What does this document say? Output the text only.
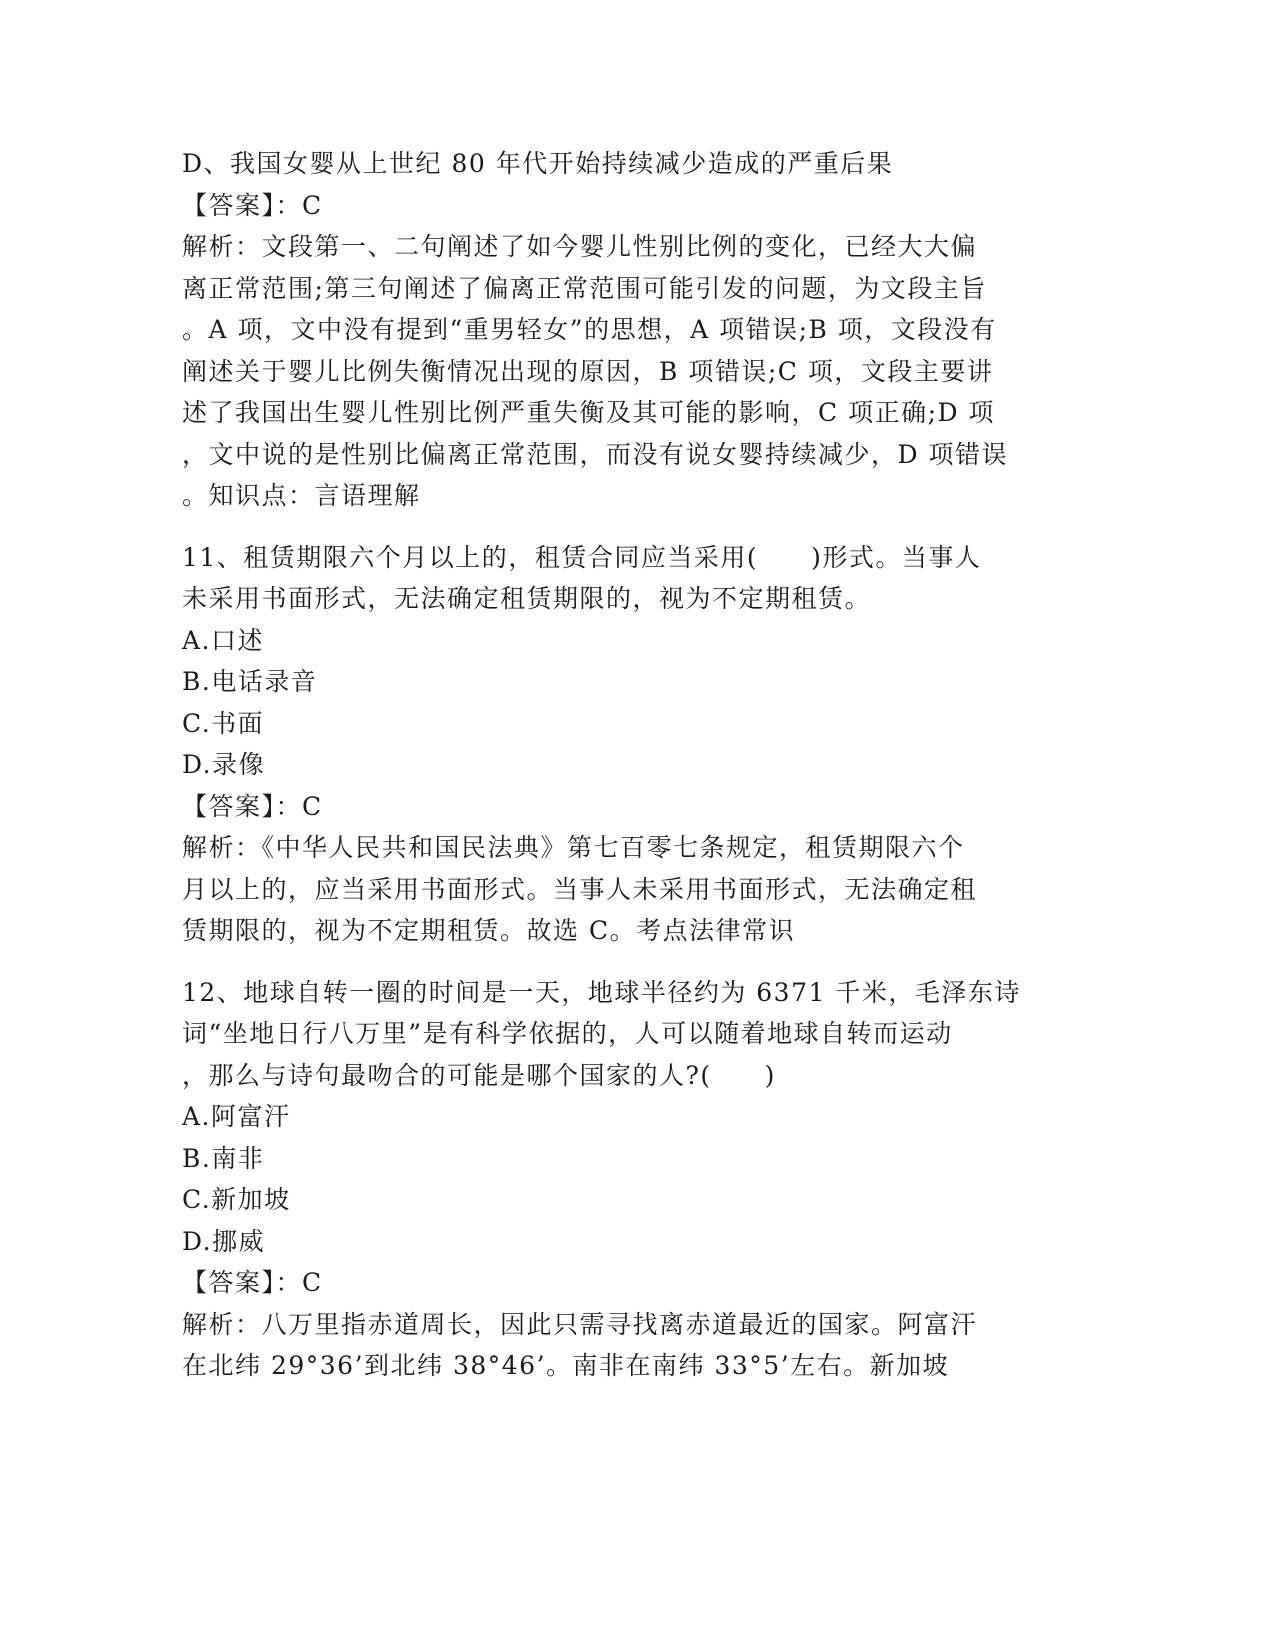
D、我国女婴从上世纪 80 年代开始持续减少造成的严重后果
【答案】：C
解析：文段第一、二句阐述了如今婴儿性别比例的变化，已经大大偏
离正常范围;第三句阐述了偏离正常范围可能引发的问题，为文段主旨
。A 项，文中没有提到“重男轻女”的思想，A 项错误;B 项，文段没有
阐述关于婴儿比例失衡情况出现的原因，B 项错误;C 项，文段主要讲
述了我国出生婴儿性别比例严重失衡及其可能的影响，C 项正确;D 项
，文中说的是性别比偏离正常范围，而没有说女婴持续减少，D 项错误
。知识点：言语理解
11、租赁期限六个月以上的，租赁合同应当采用(　　)形式。当事人
未采用书面形式，无法确定租赁期限的，视为不定期租赁。
A.口述
B.电话录音
C.书面
D.录像
【答案】：C
解析：《中华人民共和国民法典》第七百零七条规定，租赁期限六个
月以上的，应当采用书面形式。当事人未采用书面形式，无法确定租
赁期限的，视为不定期租赁。故选 C。考点法律常识
12、地球自转一圈的时间是一天，地球半径约为 6371 千米，毛泽东诗
词“坐地日行八万里”是有科学依据的，人可以随着地球自转而运动
，那么与诗句最吻合的可能是哪个国家的人?(　　)
A.阿富汗
B.南非
C.新加坡
D.挪威
【答案】：C
解析：八万里指赤道周长，因此只需寻找离赤道最近的国家。阿富汗
在北纬 29°36’到北纬 38°46’。南非在南纬 33°5’左右。新加坡
